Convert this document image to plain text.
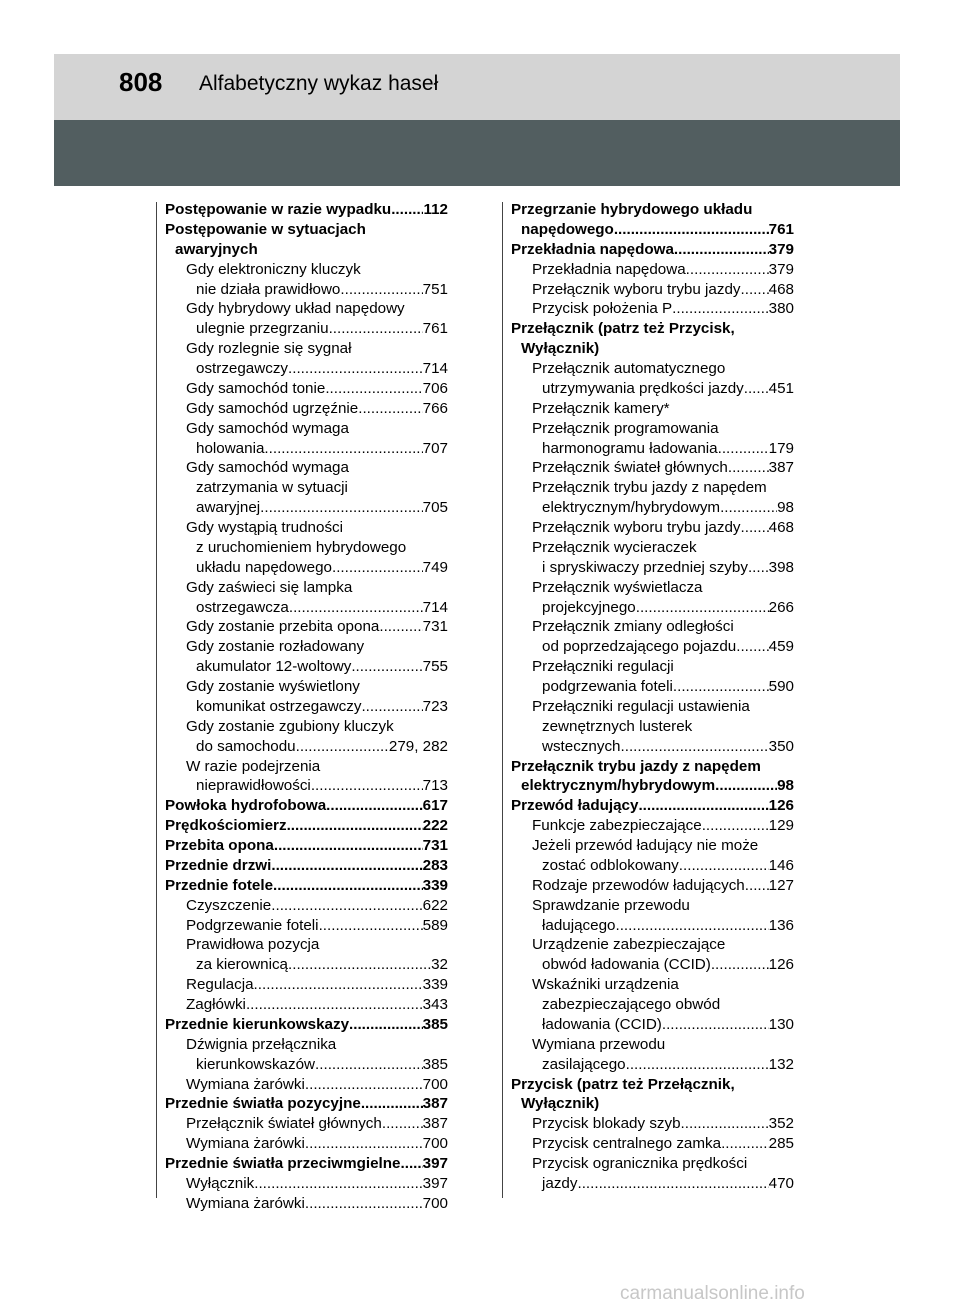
808 Alfabetyczny wykaz haseł
Postępowanie w razie wypadku ..... 112
Postępowanie w sytuacjach
awaryjnych
Gdy elektroniczny kluczyk
nie działa prawidłowo .....	751
Gdy hybrydowy układ napędowy
ulegnie przegrzaniu .....	761
Gdy rozlegnie się sygnał
ostrzegawczy .....	714
Gdy samochód tonie .....	706
Gdy samochód ugrzęźnie .....	766
Gdy samochód wymaga
holowania .....	707
Gdy samochód wymaga
zatrzymania w sytuacji
awaryjnej .....	705
Gdy wystąpią trudności
z uruchomieniem hybrydowego
układu napędowego .....	749
Gdy zaświeci się lampka
ostrzegawcza .....	714
Gdy zostanie przebita opona .....	731
Gdy zostanie rozładowany
akumulator 12-woltowy .....	755
Gdy zostanie wyświetlony
komunikat ostrzegawczy .....	723
Gdy zostanie zgubiony kluczyk
do samochodu .....	279, 282
W razie podejrzenia
nieprawidłowości .....	713
Powłoka hydrofobowa .....	617
Prędkościomierz .....	222
Przebita opona .....	731
Przednie drzwi .....	283
Przednie fotele .....	339
Czyszczenie .....	622
Podgrzewanie foteli .....	589
Prawidłowa pozycja
za kierownicą .....	32
Regulacja .....	339
Zagłówki .....	343
Przednie kierunkowskazy .....	385
Dźwignia przełącznika
kierunkowskazów .....	385
Wymiana żarówki .....	700
Przednie światła pozycyjne .....	387
Przełącznik świateł głównych .....	387
Wymiana żarówki .....	700
Przednie światła przeciwmgielne ..... 397
Wyłącznik .....	397
Wymiana żarówki .....	700
Przegrzanie hybrydowego układu
napędowego .....	761
Przekładnia napędowa .....	379
Przekładnia napędowa .....	379
Przełącznik wyboru trybu jazdy ..... 468
Przycisk położenia P .....	380
Przełącznik (patrz też Przycisk,
Wyłącznik)
Przełącznik automatycznego
utrzymywania prędkości jazdy ..... 451
Przełącznik kamery*
Przełącznik programowania
harmonogramu ładowania .....	179
Przełącznik świateł głównych .....	387
Przełącznik trybu jazdy z napędem
elektrycznym/hybrydowym .....	98
Przełącznik wyboru trybu jazdy ..... 468
Przełącznik wycieraczek
i spryskiwaczy przedniej szyby ..... 398
Przełącznik wyświetlacza
projekcyjnego .....	266
Przełącznik zmiany odległości
od poprzedzającego pojazdu ..... 459
Przełączniki regulacji
podgrzewania foteli .....	590
Przełączniki regulacji ustawienia
zewnętrznych lusterek
wstecznych .....	350
Przełącznik trybu jazdy z napędem
elektrycznym/hybrydowym .....	98
Przewód ładujący .....	126
Funkcje zabezpieczające .....	129
Jeżeli przewód ładujący nie może
zostać odblokowany .....	146
Rodzaje przewodów ładujących ..... 127
Sprawdzanie przewodu
ładującego .....	136
Urządzenie zabezpieczające
obwód ładowania (CCID) .....	126
Wskaźniki urządzenia
zabezpieczającego obwód
ładowania (CCID) .....	130
Wymiana przewodu
zasilającego .....	132
Przycisk (patrz też Przełącznik,
Wyłącznik)
Przycisk blokady szyb .....	352
Przycisk centralnego zamka .....	285
Przycisk ogranicznika prędkości
jazdy .....	470
carmanualsonline.info
